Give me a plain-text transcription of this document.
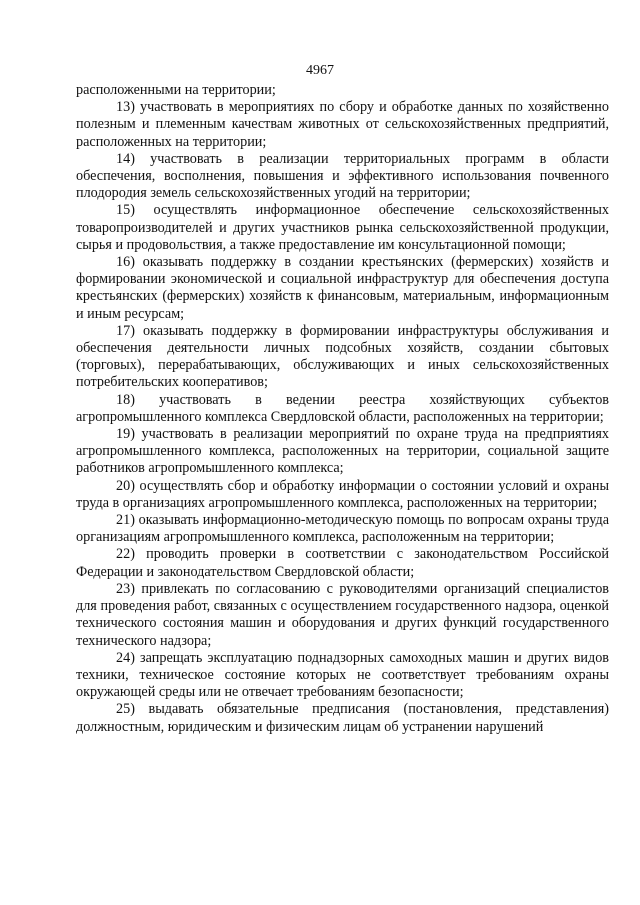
4967

расположенными на территории;

13) участвовать в мероприятиях по сбору и обработке данных по хозяйственно полезным и племенным качествам животных от сельскохозяйственных предприятий, расположенных на территории;

14) участвовать в реализации территориальных программ в области обеспечения, восполнения, повышения и эффективного использования почвенного плодородия земель сельскохозяйственных угодий на территории;

15) осуществлять информационное обеспечение сельскохозяйственных товаропроизводителей и других участников рынка сельскохозяйственной продукции, сырья и продовольствия, а также предоставление им консультационной помощи;

16) оказывать поддержку в создании крестьянских (фермерских) хозяйств и формировании экономической и социальной инфраструктур для обеспечения доступа крестьянских (фермерских) хозяйств к финансовым, материальным, информационным и иным ресурсам;

17) оказывать поддержку в формировании инфраструктуры обслуживания и обеспечения деятельности личных подсобных хозяйств, создании сбытовых (торговых), перерабатывающих, обслуживающих и иных сельскохозяйственных потребительских кооперативов;

18) участвовать в ведении реестра хозяйствующих субъектов агропромышленного комплекса Свердловской области, расположенных на территории;

19) участвовать в реализации мероприятий по охране труда на предприятиях агропромышленного комплекса, расположенных на территории, социальной защите работников агропромышленного комплекса;

20) осуществлять сбор и обработку информации о состоянии условий и охраны труда в организациях агропромышленного комплекса, расположенных на территории;

21) оказывать информационно-методическую помощь по вопросам охраны труда организациям агропромышленного комплекса, расположенным на территории;

22) проводить проверки в соответствии с законодательством Российской Федерации и законодательством Свердловской области;

23) привлекать по согласованию с руководителями организаций специалистов для проведения работ, связанных с осуществлением государственного надзора, оценкой технического состояния машин и оборудования и других функций государственного технического надзора;

24) запрещать эксплуатацию поднадзорных самоходных машин и других видов техники, техническое состояние которых не соответствует требованиям охраны окружающей среды или не отвечает требованиям безопасности;

25) выдавать обязательные предписания (постановления, представления) должностным, юридическим и физическим лицам об устранении нарушений
